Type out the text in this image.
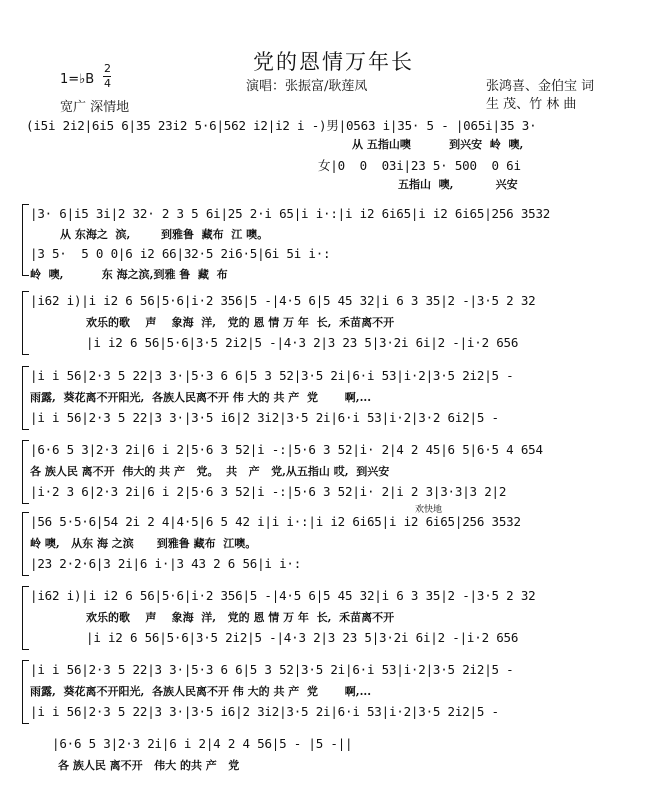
党的恩情万年长
演唱：张振富/耿莲凤	张鸿喜、金伯宝 词
生 茂、竹 林 曲
1=♭B
2
4
宽广 深情地
欢快地
(i5i 2i2|6i5 6|35 23i2 5·6|562 i2|i2 i -)男|0563 i|35· 5 - |065i|35 3·
从 五指山噢          到兴安  岭  噢,
女|0  0  03i|23 5· 500  0 6i
五指山  噢,           兴安
|3· 6|i5 3i|2 32· 2 3 5 6i|25 2·i 65|i i·:|i i2 6i65|i i2 6i65|256 3532
从 东海之  滨,        到雅鲁  藏布  江 噢。
|3 5·  5 0 0|6 i2 66|32·5 2i6·5|6i 5i i·:
岭  噢,          东 海之滨,到雅 鲁  藏  布
|i62 i)|i i2 6 56|5·6|i·2 356|5 -|4·5 6|5 45 32|i 6 3 35|2 -|3·5 2 32
欢乐的歌    声    象海  洋,   党的 恩 情 万 年  长,  禾苗离不开
|i i2 6 56|5·6|3·5 2i2|5 -|4·3 2|3 23 5|3·2i 6i|2 -|i·2 656
|i i 56|2·3 5 22|3 3·|5·3 6 6|5 3 52|3·5 2i|6·i 53|i·2|3·5 2i2|5 -
雨露,  葵花离不开阳光,  各族人民离不开 伟 大的 共 产  党       啊,...
|i i 56|2·3 5 22|3 3·|3·5 i6|2 3i2|3·5 2i|6·i 53|i·2|3·2 6i2|5 -
|6·6 5 3|2·3 2i|6 i 2|5·6 3 52|i -:|5·6 3 52|i· 2|4 2 45|6 5|6·5 4 654
各 族人民 离不开  伟大的 共 产   党。  共   产   党,从五指山 哎,  到兴安
|i·2 3 6|2·3 2i|6 i 2|5·6 3 52|i -:|5·6 3 52|i· 2|i 2 3|3·3|3 2|2
|56 5·5·6|54 2i 2 4|4·5|6 5 42 i|i i·:|i i2 6i65|i i2 6i65|256 3532
岭 噢,   从东 海 之滨      到雅鲁 藏布  江噢。
|23 2·2·6|3 2i|6 i·|3 43 2 6 56|i i·:
|i62 i)|i i2 6 56|5·6|i·2 356|5 -|4·5 6|5 45 32|i 6 3 35|2 -|3·5 2 32
欢乐的歌    声    象海  洋,   党的 恩 情 万 年  长,  禾苗离不开
|i i2 6 56|5·6|3·5 2i2|5 -|4·3 2|3 23 5|3·2i 6i|2 -|i·2 656
|i i 56|2·3 5 22|3 3·|5·3 6 6|5 3 52|3·5 2i|6·i 53|i·2|3·5 2i2|5 -
雨露,  葵花离不开阳光,  各族人民离不开 伟 大的 共 产  党       啊,...
|i i 56|2·3 5 22|3 3·|3·5 i6|2 3i2|3·5 2i|6·i 53|i·2|3·5 2i2|5 -
|6·6 5 3|2·3 2i|6 i 2|4 2 4 56|5 - |5 -||
各 族人民 离不开   伟大 的共 产   党
